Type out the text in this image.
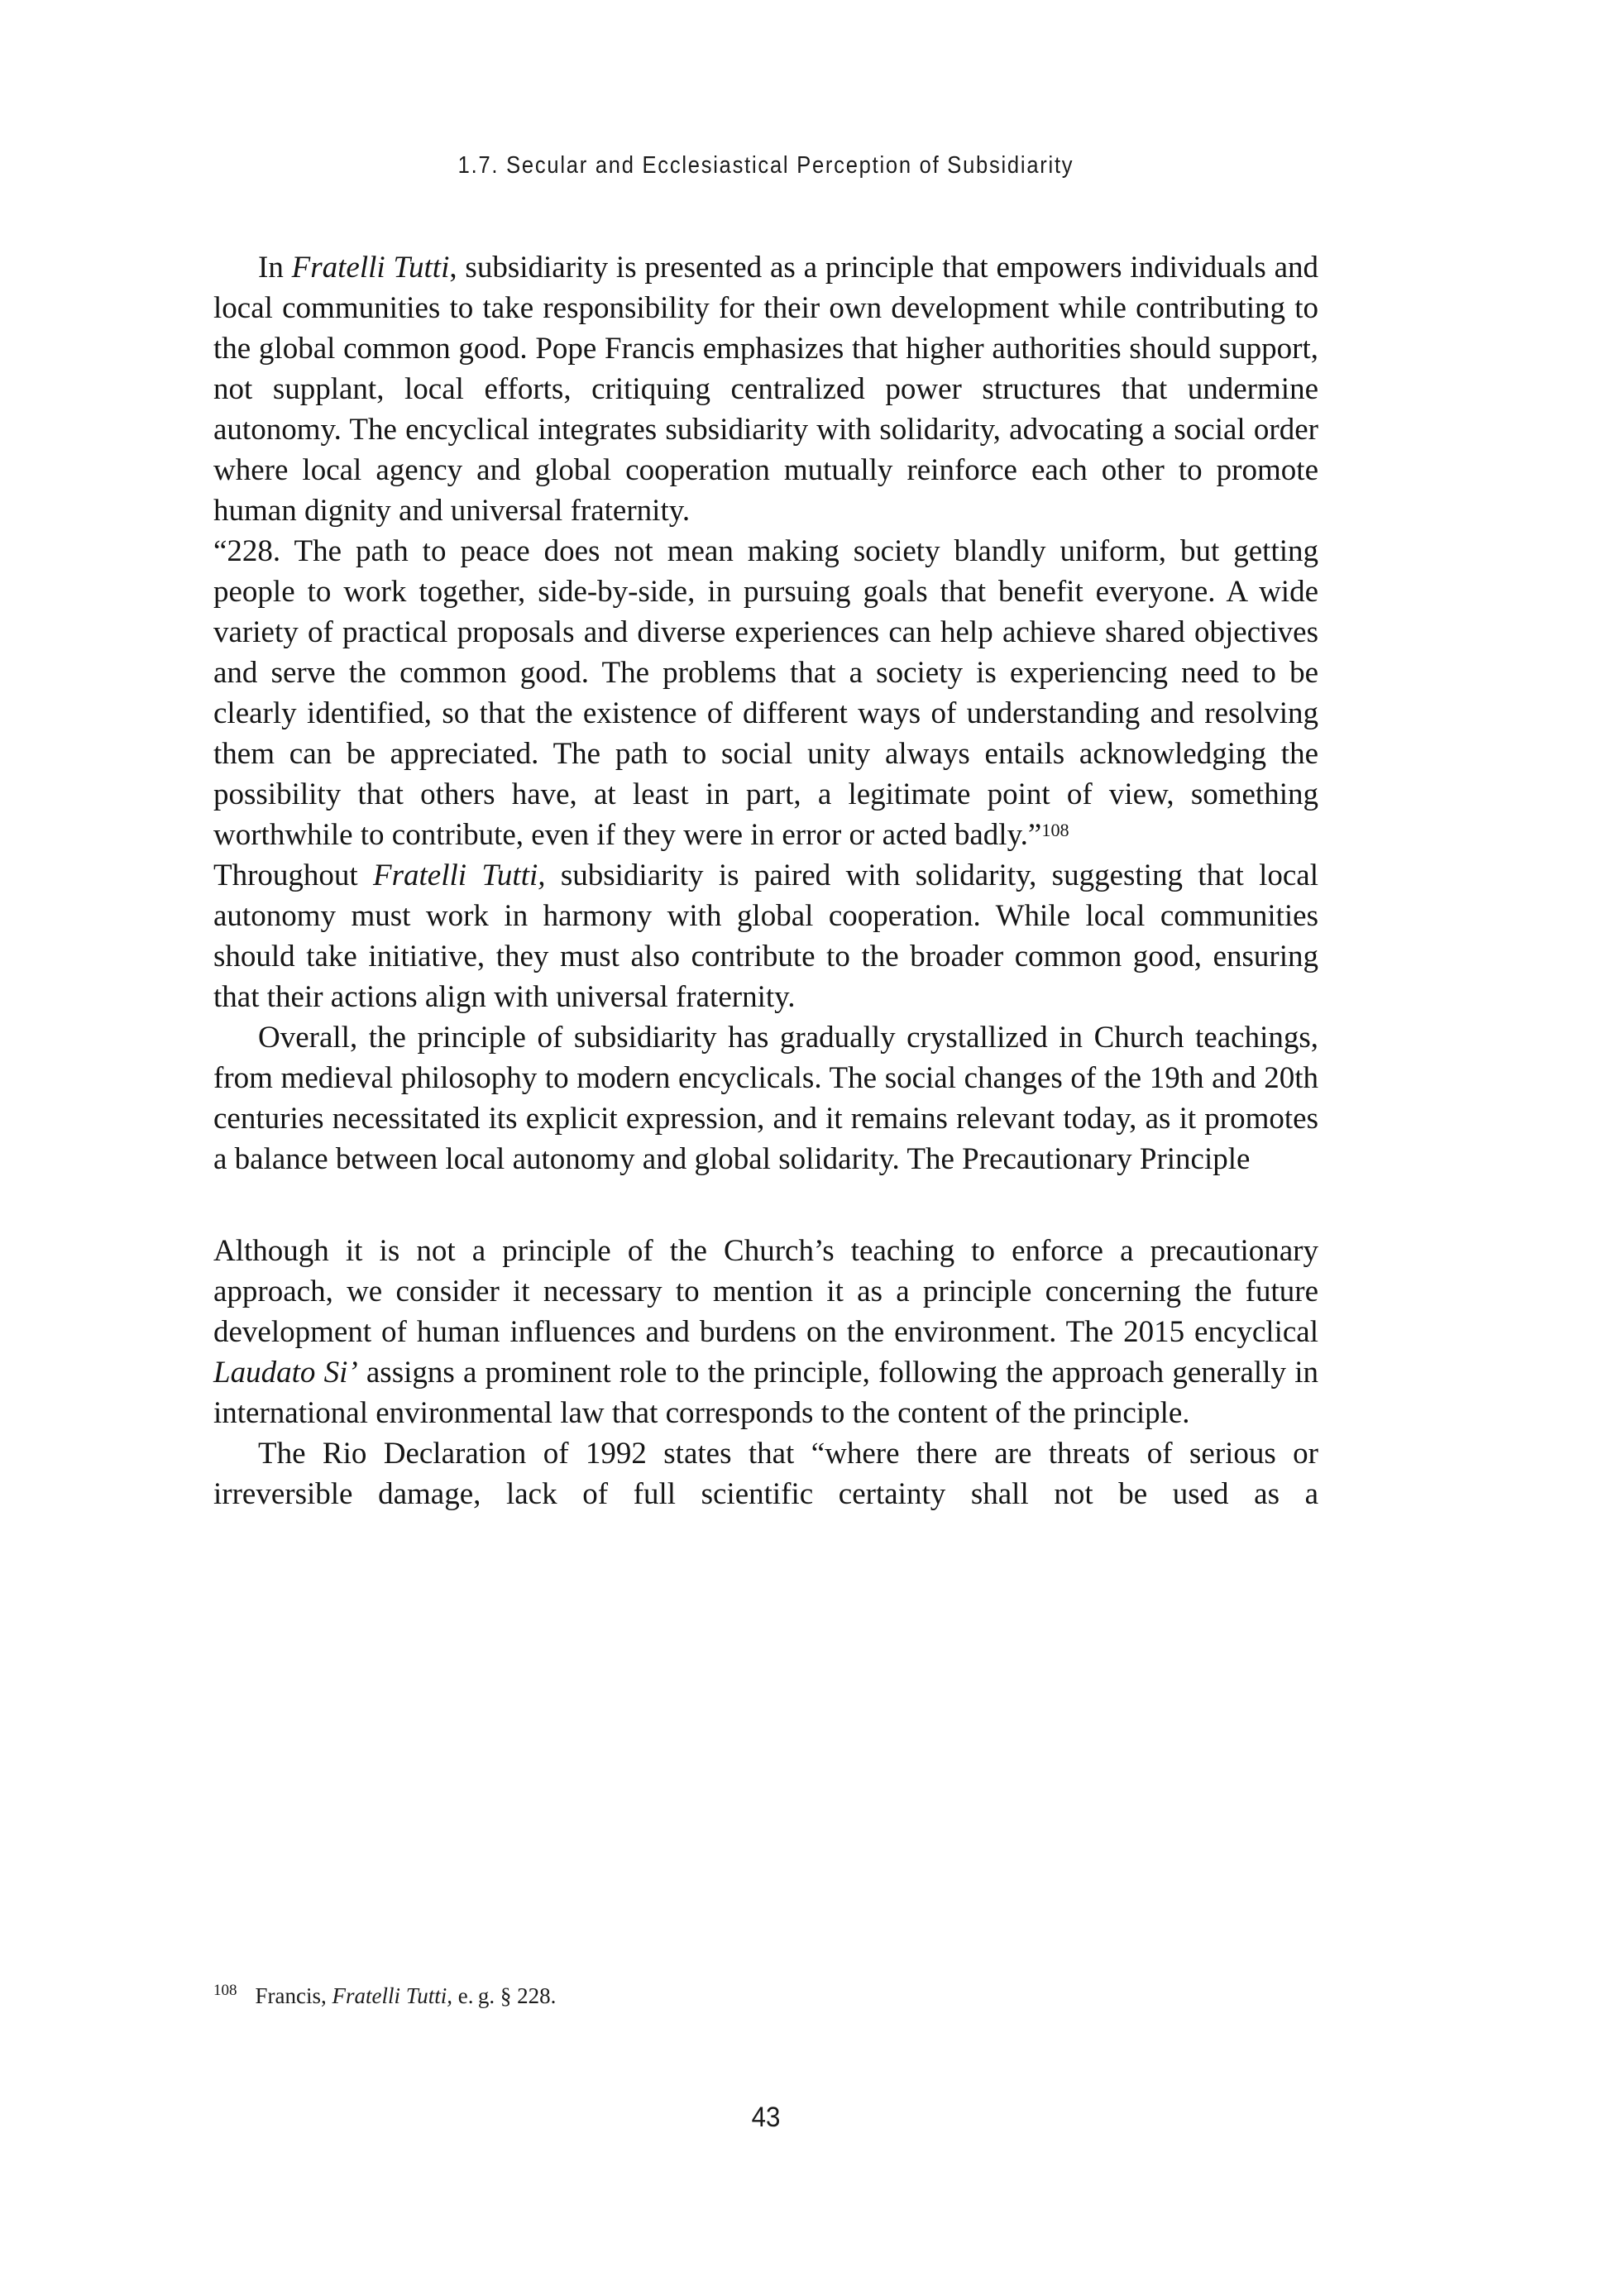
1.7. Secular and Ecclesiastical Perception of Subsidiarity

In Fratelli Tutti, subsidiarity is presented as a principle that empowers individuals and local communities to take responsibility for their own development while contributing to the global common good. Pope Francis emphasizes that higher authorities should support, not supplant, local efforts, critiquing centralized power structures that undermine autonomy. The encyclical integrates subsidiarity with solidarity, advocating a social order where local agency and global cooperation mutually reinforce each other to promote human dignity and universal fraternity.

“228. The path to peace does not mean making society blandly uniform, but getting people to work together, side-by-side, in pursuing goals that benefit everyone. A wide variety of practical proposals and diverse experiences can help achieve shared objectives and serve the common good. The problems that a society is experiencing need to be clearly identified, so that the existence of different ways of understanding and resolving them can be appreciated. The path to social unity always entails acknowledging the possibility that others have, at least in part, a legitimate point of view, something worthwhile to contribute, even if they were in error or acted badly.”$^{108}$

Throughout Fratelli Tutti, subsidiarity is paired with solidarity, suggesting that local autonomy must work in harmony with global cooperation. While local communities should take initiative, they must also contribute to the broader common good, ensuring that their actions align with universal fraternity.

Overall, the principle of subsidiarity has gradually crystallized in Church teachings, from medieval philosophy to modern encyclicals. The social changes of the 19th and 20th centuries necessitated its explicit expression, and it remains relevant today, as it promotes a balance between local autonomy and global solidarity. The Precautionary Principle

Although it is not a principle of the Church’s teaching to enforce a precautionary approach, we consider it necessary to mention it as a principle concerning the future development of human influences and burdens on the environment. The 2015 encyclical Laudato Si’ assigns a prominent role to the principle, following the approach generally in international environmental law that corresponds to the content of the principle.

The Rio Declaration of 1992 states that “where there are threats of serious or irreversible damage, lack of full scientific certainty shall not be used as a

$^{108}$ Francis, Fratelli Tutti, e. g. § 228.
43
